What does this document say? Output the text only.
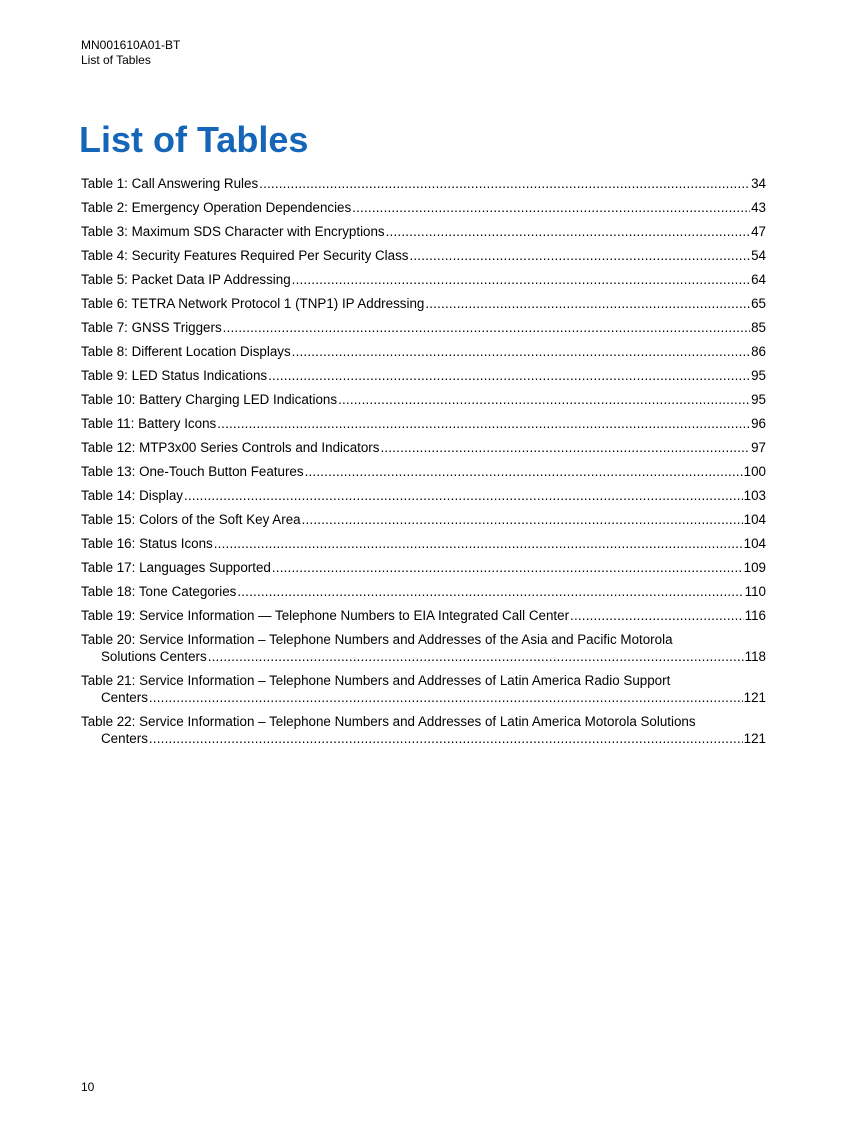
MN001610A01-BT
List of Tables
List of Tables
Table 1: Call Answering Rules .....	34
Table 2: Emergency Operation Dependencies .....	43
Table 3: Maximum SDS Character with Encryptions .....	47
Table 4: Security Features Required Per Security Class .....	54
Table 5: Packet Data IP Addressing .....	64
Table 6: TETRA Network Protocol 1 (TNP1) IP Addressing .....	65
Table 7: GNSS Triggers .....	85
Table 8: Different Location Displays .....	86
Table 9: LED Status Indications .....	95
Table 10: Battery Charging LED Indications .....	95
Table 11: Battery Icons .....	96
Table 12: MTP3x00 Series Controls and Indicators .....	97
Table 13: One-Touch Button Features .....	100
Table 14: Display .....	103
Table 15: Colors of the Soft Key Area .....	104
Table 16: Status Icons .....	104
Table 17: Languages Supported .....	109
Table 18: Tone Categories .....	110
Table 19: Service Information — Telephone Numbers to EIA Integrated Call Center .....	116
Table 20: Service Information – Telephone Numbers and Addresses of the Asia and Pacific Motorola
Solutions Centers .....	118
Table 21: Service Information – Telephone Numbers and Addresses of Latin America Radio Support
Centers .....	121
Table 22: Service Information – Telephone Numbers and Addresses of Latin America Motorola Solutions
Centers .....	121
10
